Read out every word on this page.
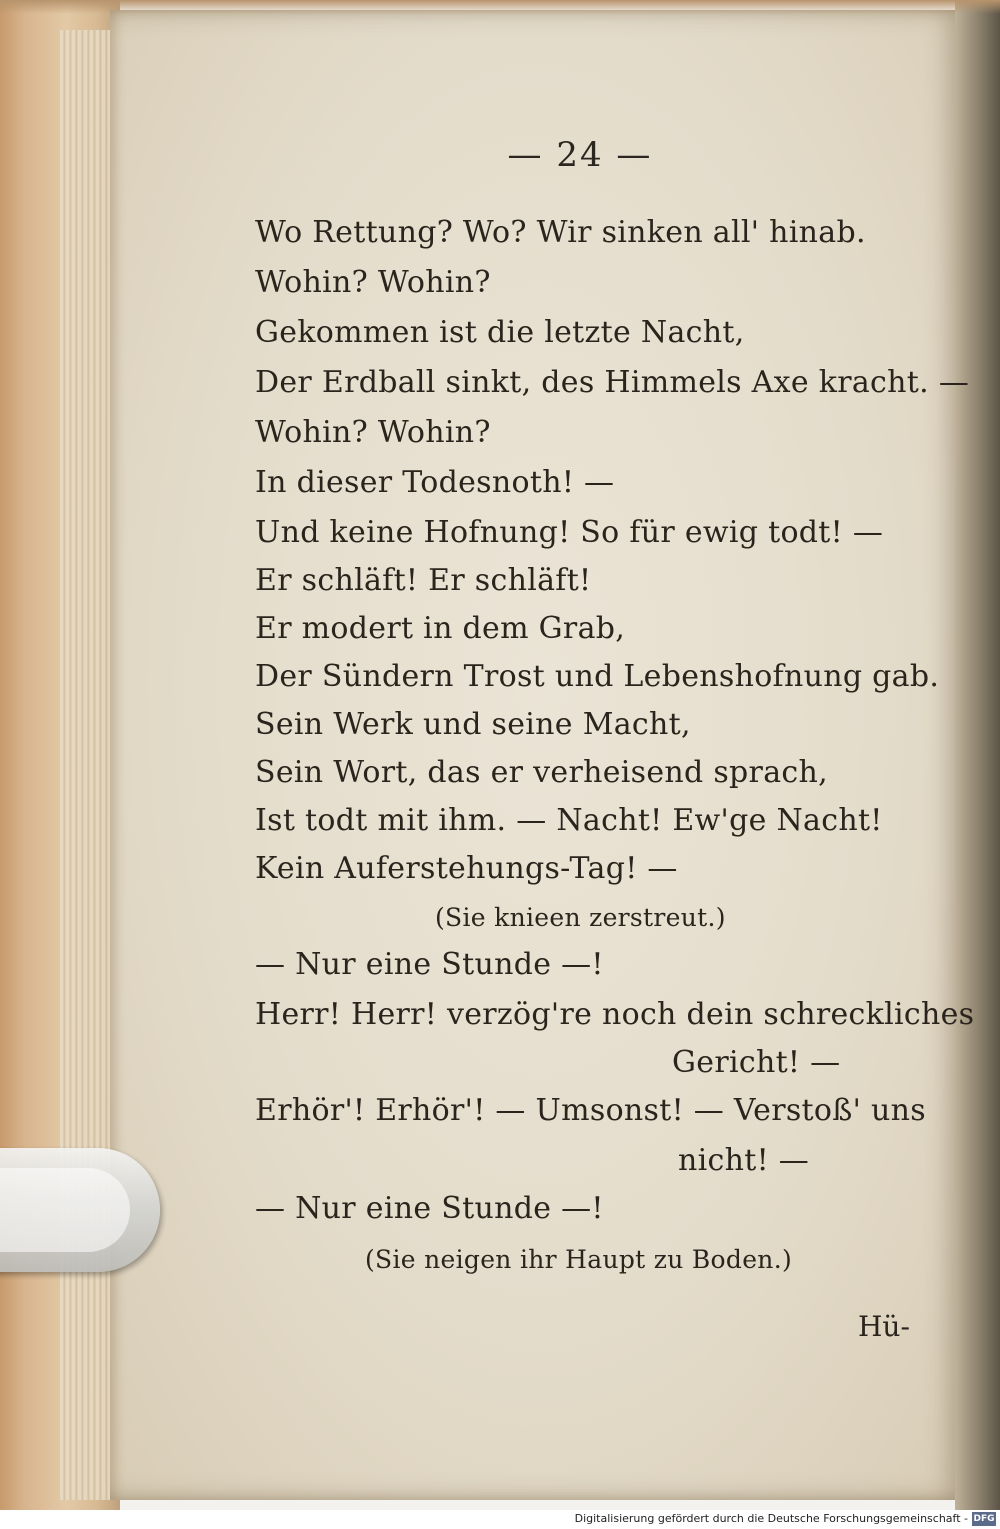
— 24 —
Wo Rettung? Wo? Wir sinken all' hinab.
Wohin? Wohin?
Gekommen ist die letzte Nacht,
Der Erdball sinkt, des Himmels Axe kracht. —
Wohin? Wohin?
In dieser Todesnoth! —
Und keine Hofnung! So für ewig todt! —
Er schläft! Er schläft!
Er modert in dem Grab,
Der Sündern Trost und Lebenshofnung gab.
Sein Werk und seine Macht,
Sein Wort, das er verheisend sprach,
Ist todt mit ihm. — Nacht! Ew'ge Nacht!
Kein Auferstehungs-Tag! —
(Sie knieen zerstreut.)
— Nur eine Stunde —!
Herr! Herr! verzög're noch dein schreckliches
Gericht! —
Erhör'! Erhör'! — Umsonst! — Verstoß' uns
nicht! —
— Nur eine Stunde —!
(Sie neigen ihr Haupt zu Boden.)
Hü-
Digitalisierung gefördert durch die Deutsche Forschungsgemeinschaft - DFG
